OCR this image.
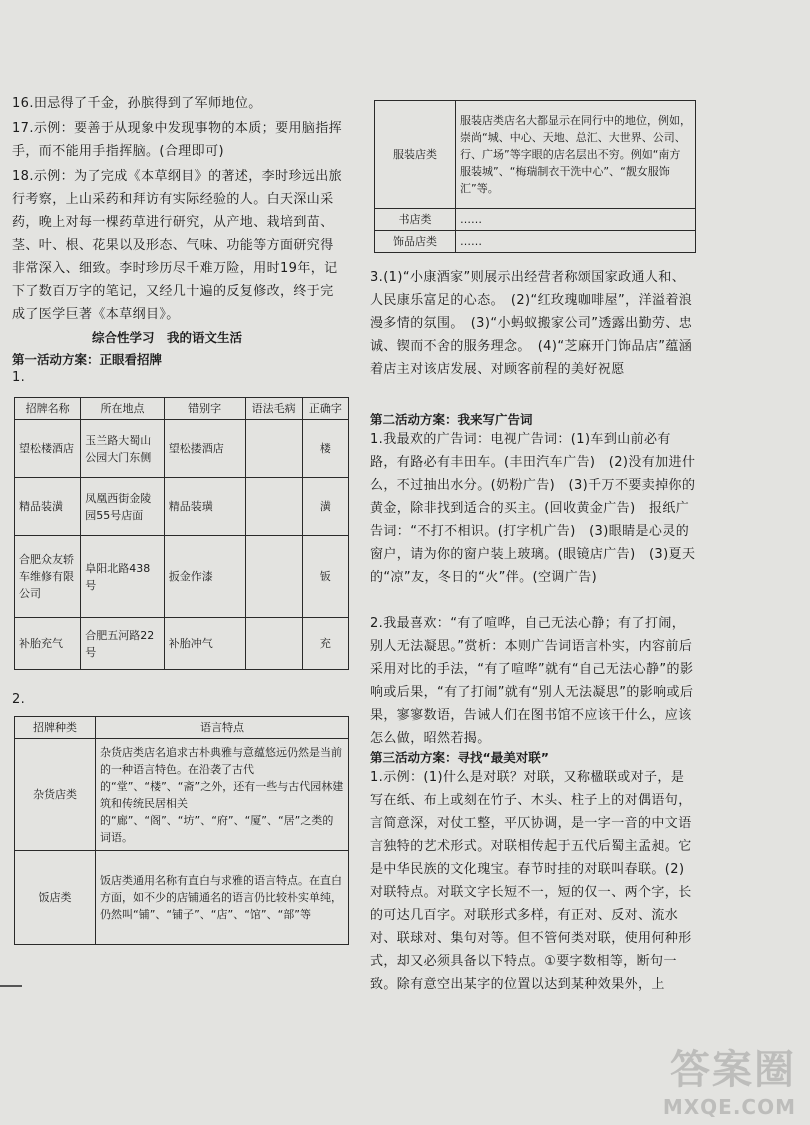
16.田忌得了千金，孙膑得到了军师地位。
17.示例：要善于从现象中发现事物的本质；要用脑指挥手，而不能用手指挥脑。(合理即可)
18.示例：为了完成《本草纲目》的著述，李时珍远出旅行考察，上山采药和拜访有实际经验的人。白天深山采药，晚上对每一棵药草进行研究，从产地、栽培到苗、茎、叶、根、花果以及形态、气味、功能等方面研究得非常深入、细致。李时珍历尽千难万险，用时19年，记下了数百万字的笔记，又经几十遍的反复修改，终于完成了医学巨著《本草纲目》。
综合性学习　我的语文生活
第一活动方案：正眼看招牌
1.
招牌名称	所在地点	错别字	语法毛病	正确字
望松楼酒店	玉兰路大蜀山公园大门东侧	望松搂酒店		楼
精品装潢	凤凰西街金陵园55号店面	精品装璜		潢
合肥众友轿车维修有限公司	阜阳北路438号	扳金作漆		钣
补胎充气	合肥五河路22号	补胎冲气		充
2.
招牌种类	语言特点
杂货店类	杂货店类店名追求古朴典雅与意蕴悠远仍然是当前的一种语言特色。在沿袭了古代的“堂”、“楼”、“斋”之外，还有一些与古代园林建筑和传统民居相关的“廊”、“阁”、“坊”、“府”、“厦”、“居”之类的词语。
饭店类	饭店类通用名称有直白与求雅的语言特点。在直白方面，如不少的店铺通名的语言仍比较朴实单纯，仍然叫“铺”、“铺子”、“店”、“馆”、“部”等
服装店类	服装店类店名大都显示在同行中的地位，例如，崇尚“城、中心、天地、总汇、大世界、公司、行、广场”等字眼的店名层出不穷。例如“南方服装城”、“梅瑞制衣干洗中心”、“靓女服饰汇”等。
书店类	……
饰品店类	……
3.(1)“小康酒家”则展示出经营者称颂国家政通人和、人民康乐富足的心态。　(2)“红玫瑰咖啡屋”，洋溢着浪漫多情的氛围。　(3)“小蚂蚁搬家公司”透露出勤劳、忠诚、锲而不舍的服务理念。　(4)“芝麻开门饰品店”蕴涵着店主对该店发展、对顾客前程的美好祝愿
第二活动方案：我来写广告词
1.我最欢的广告词：电视广告词：(1)车到山前必有路，有路必有丰田车。(丰田汽车广告)　(2)没有加进什么，不过抽出水分。(奶粉广告)　(3)千万不要卖掉你的黄金，除非找到适合的买主。(回收黄金广告)　报纸广告词：“不打不相识。(打字机广告)　(3)眼睛是心灵的窗户，请为你的窗户装上玻璃。(眼镜店广告)　(3)夏天的“凉”友，冬日的“火”伴。(空调广告)
2.我最喜欢：“有了喧哗，自己无法心静；有了打闹，别人无法凝思。”赏析：本则广告词语言朴实，内容前后采用对比的手法，“有了喧哗”就有“自己无法心静”的影响或后果，“有了打闹”就有“别人无法凝思”的影响或后果，寥寥数语，告诫人们在图书馆不应该干什么，应该怎么做，昭然若揭。
第三活动方案：寻找“最美对联”
1.示例：(1)什么是对联？对联，又称楹联或对子，是写在纸、布上或刻在竹子、木头、柱子上的对偶语句，言简意深，对仗工整，平仄协调，是一字一音的中文语言独特的艺术形式。对联相传起于五代后蜀主孟昶。它是中华民族的文化瑰宝。春节时挂的对联叫春联。(2)对联特点。对联文字长短不一，短的仅一、两个字，长的可达几百字。对联形式多样，有正对、反对、流水对、联球对、集句对等。但不管何类对联，使用何种形式，却又必须具备以下特点。①要字数相等，断句一致。除有意空出某字的位置以达到某种效果外，上
答案圈
MXQE.COM
